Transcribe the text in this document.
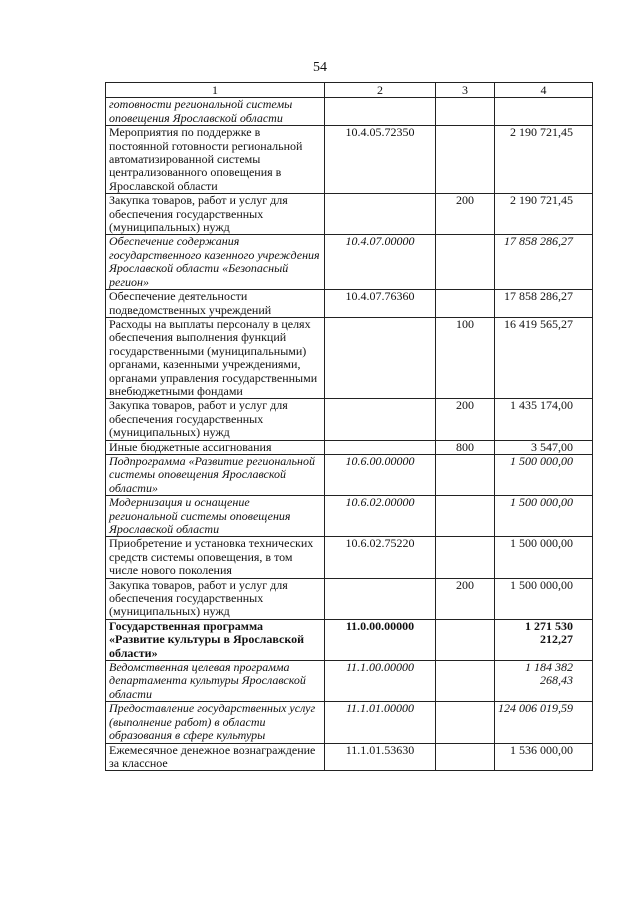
54
1	2	3	4
готовности региональной системы оповещения Ярославской области			
Мероприятия по поддержке в постоянной готовности региональной автоматизированной системы централизованного оповещения в Ярославской области	10.4.05.72350		2 190 721,45
Закупка товаров, работ и услуг для обеспечения государственных (муниципальных) нужд		200	2 190 721,45
Обеспечение содержания государственного казенного учреждения Ярославской области «Безопасный регион»	10.4.07.00000		17 858 286,27
Обеспечение деятельности подведомственных учреждений	10.4.07.76360		17 858 286,27
Расходы на выплаты персоналу в целях обеспечения выполнения функций государственными (муниципальными) органами, казенными учреждениями, органами управления государственными внебюджетными фондами		100	16 419 565,27
Закупка товаров, работ и услуг для обеспечения государственных (муниципальных) нужд		200	1 435 174,00
Иные бюджетные ассигнования		800	3 547,00
Подпрограмма «Развитие региональной системы оповещения Ярославской области»	10.6.00.00000		1 500 000,00
Модернизация и оснащение региональной системы оповещения Ярославской области	10.6.02.00000		1 500 000,00
Приобретение и установка технических средств системы оповещения, в том числе нового поколения	10.6.02.75220		1 500 000,00
Закупка товаров, работ и услуг для обеспечения государственных (муниципальных) нужд		200	1 500 000,00
Государственная программа «Развитие культуры в Ярославской области»	11.0.00.00000		1 271 530 212,27
Ведомственная целевая программа департамента культуры Ярославской области	11.1.00.00000		1 184 382 268,43
Предоставление государственных услуг (выполнение работ) в области образования в сфере культуры	11.1.01.00000		124 006 019,59
Ежемесячное денежное вознаграждение за классное	11.1.01.53630		1 536 000,00
